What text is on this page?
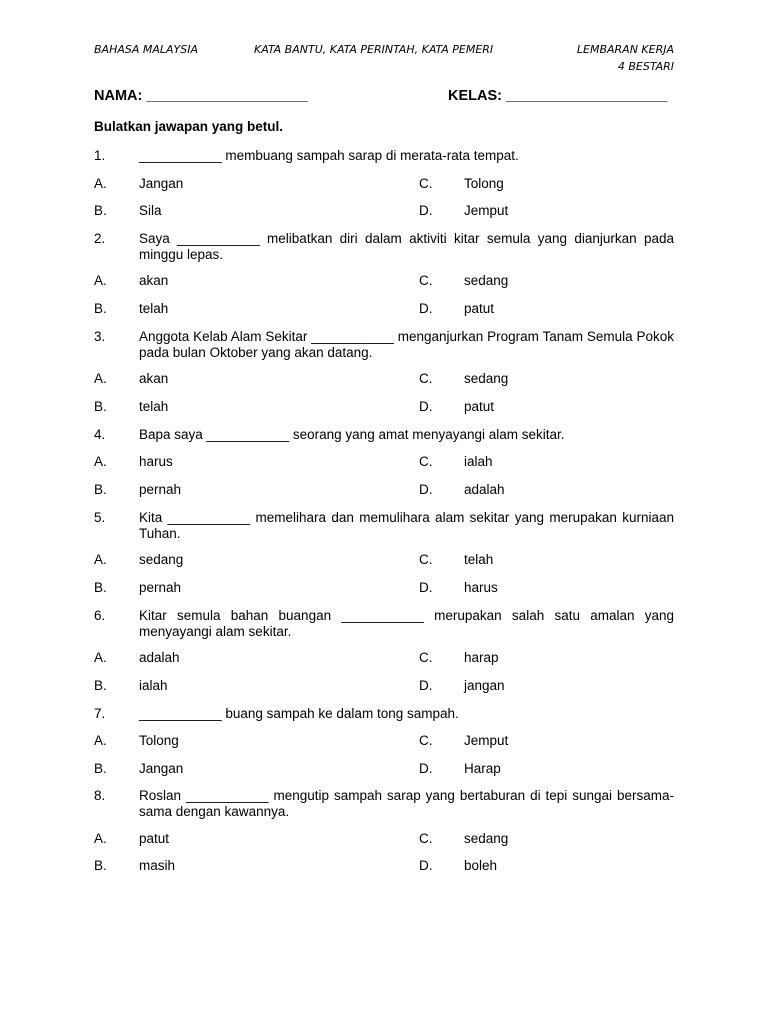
BAHASA MALAYSIA	KATA BANTU, KATA PERINTAH, KATA PEMERI	LEMBARAN KERJA
4 BESTARI
NAMA: ____________________	KELAS: ____________________
Bulatkan jawapan yang betul.
1. ___________ membuang sampah sarap di merata-rata tempat.
A. Jangan	C. Tolong
B. Sila	D. Jemput
2. Saya ___________ melibatkan diri dalam aktiviti kitar semula yang dianjurkan pada minggu lepas.
A. akan	C. sedang
B. telah	D. patut
3. Anggota Kelab Alam Sekitar ___________ menganjurkan Program Tanam Semula Pokok pada bulan Oktober yang akan datang.
A. akan	C. sedang
B. telah	D. patut
4. Bapa saya ___________ seorang yang amat menyayangi alam sekitar.
A. harus	C. ialah
B. pernah	D. adalah
5. Kita ___________ memelihara dan memulihara alam sekitar yang merupakan kurniaan Tuhan.
A. sedang	C. telah
B. pernah	D. harus
6. Kitar semula bahan buangan ___________ merupakan salah satu amalan yang menyayangi alam sekitar.
A. adalah	C. harap
B. ialah	D. jangan
7. ___________ buang sampah ke dalam tong sampah.
A. Tolong	C. Jemput
B. Jangan	D. Harap
8. Roslan ___________ mengutip sampah sarap yang bertaburan di tepi sungai bersama-sama dengan kawannya.
A. patut	C. sedang
B. masih	D. boleh
